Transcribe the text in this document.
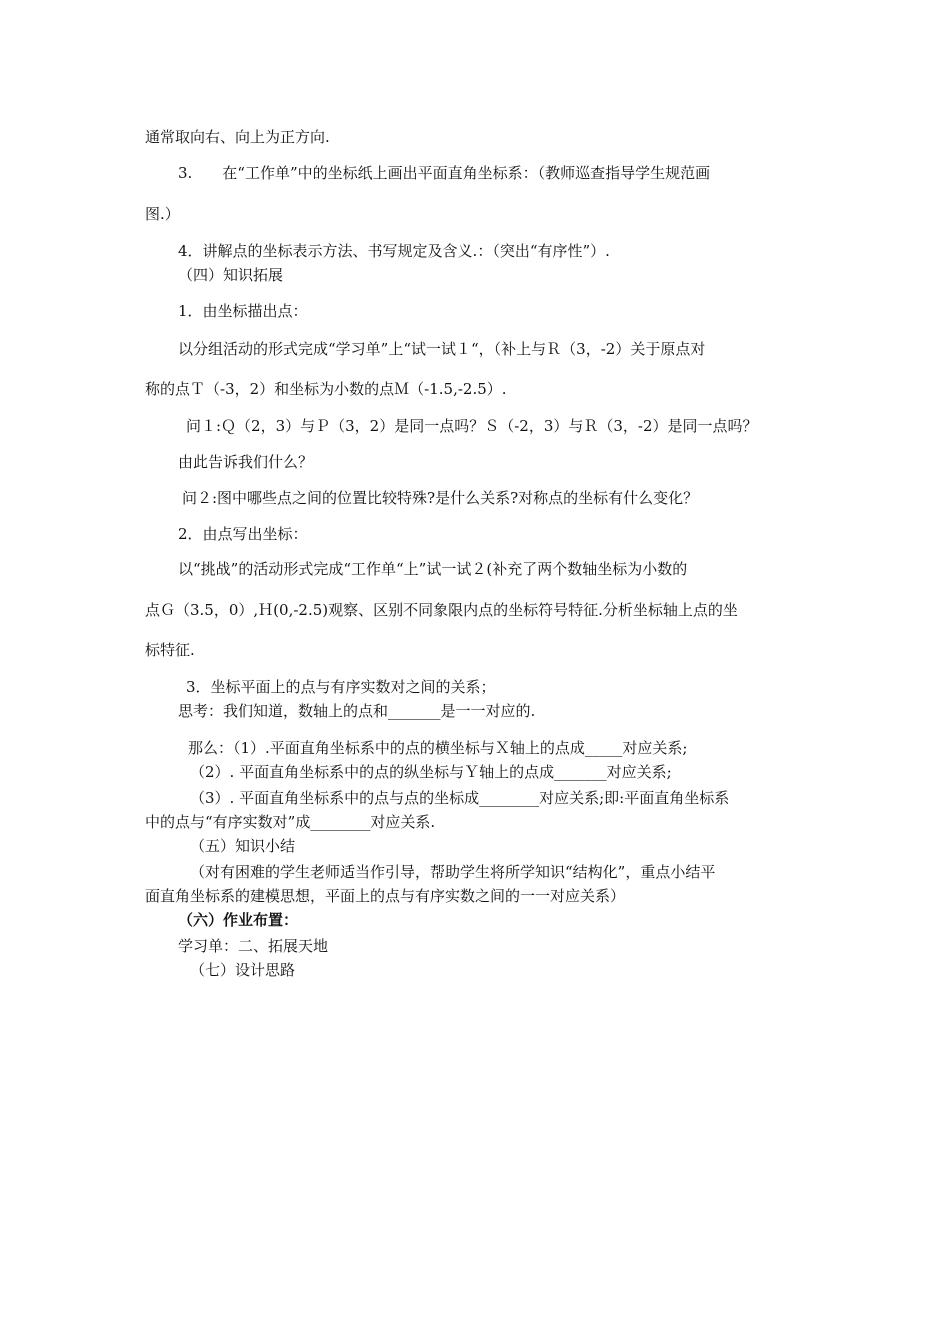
通常取向右、向上为正方向.
3.　　在“工作单”中的坐标纸上画出平面直角坐标系：（教师巡查指导学生规范画
图.）
4．讲解点的坐标表示方法、书写规定及含义.：（突出“有序性”）.
（四）知识拓展
1．由坐标描出点：
以分组活动的形式完成“学习单”上“试一试１“，（补上与Ｒ（3，-2）关于原点对
称的点Ｔ（-3，2）和坐标为小数的点Ｍ（-1.5,-2.5）.
问１:Ｑ（2，3）与Ｐ（3，2）是同一点吗？Ｓ（-2，3）与Ｒ（3，-2）是同一点吗？
由此告诉我们什么？
问２:图中哪些点之间的位置比较特殊?是什么关系?对称点的坐标有什么变化？
2．由点写出坐标：
以“挑战”的活动形式完成“工作单“上”试一试２(补充了两个数轴坐标为小数的
点Ｇ（3.5，0）,Ｈ(0,-2.5)观察、区别不同象限内点的坐标符号特征.分析坐标轴上点的坐
标特征.
3．坐标平面上的点与有序实数对之间的关系；
思考：我们知道，数轴上的点和_______是一一对应的.
那么：（1）.平面直角坐标系中的点的横坐标与Ｘ轴上的点成_____对应关系;
（2）. 平面直角坐标系中的点的纵坐标与Ｙ轴上的点成_______对应关系;
（3）. 平面直角坐标系中的点与点的坐标成________对应关系;即:平面直角坐标系
中的点与“有序实数对”成________对应关系.
（五）知识小结
（对有困难的学生老师适当作引导，帮助学生将所学知识“结构化”，重点小结平
面直角坐标系的建模思想，平面上的点与有序实数之间的一一对应关系）
（六）作业布置：
学习单：二、拓展天地
（七）设计思路
